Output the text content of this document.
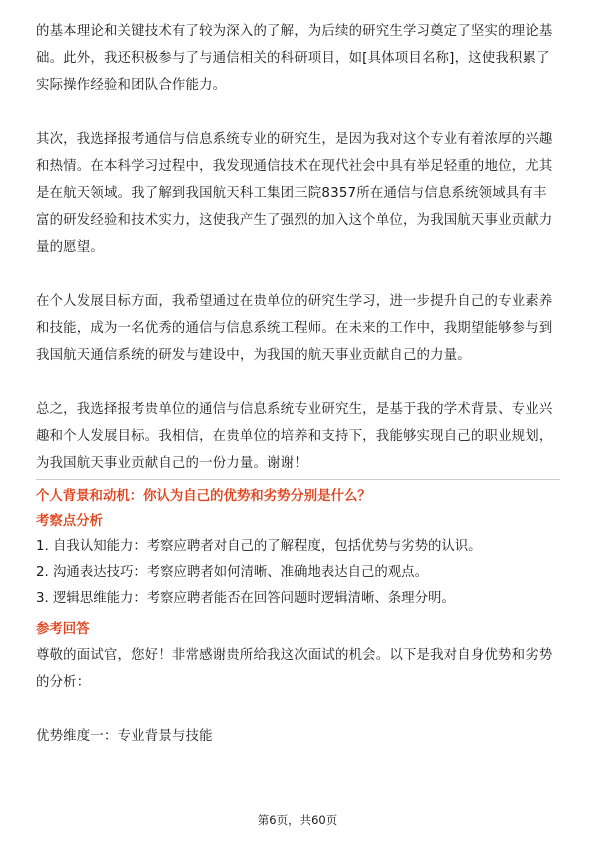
的基本理论和关键技术有了较为深入的了解，为后续的研究生学习奠定了坚实的理论基础。此外，我还积极参与了与通信相关的科研项目，如[具体项目名称]，这使我积累了实际操作经验和团队合作能力。

其次，我选择报考通信与信息系统专业的研究生，是因为我对这个专业有着浓厚的兴趣和热情。在本科学习过程中，我发现通信技术在现代社会中具有举足轻重的地位，尤其是在航天领域。我了解到我国航天科工集团三院8357所在通信与信息系统领域具有丰富的研发经验和技术实力，这使我产生了强烈的加入这个单位，为我国航天事业贡献力量的愿望。

在个人发展目标方面，我希望通过在贵单位的研究生学习，进一步提升自己的专业素养和技能，成为一名优秀的通信与信息系统工程师。在未来的工作中，我期望能够参与到我国航天通信系统的研发与建设中，为我国的航天事业贡献自己的力量。

总之，我选择报考贵单位的通信与信息系统专业研究生，是基于我的学术背景、专业兴趣和个人发展目标。我相信，在贵单位的培养和支持下，我能够实现自己的职业规划，为我国航天事业贡献自己的一份力量。谢谢！

个人背景和动机：你认为自己的优势和劣势分别是什么？

考察点分析

1. 自我认知能力：考察应聘者对自己的了解程度，包括优势与劣势的认识。

2. 沟通表达技巧：考察应聘者如何清晰、准确地表达自己的观点。

3. 逻辑思维能力：考察应聘者能否在回答问题时逻辑清晰、条理分明。

参考回答

尊敬的面试官，您好！非常感谢贵所给我这次面试的机会。以下是我对自身优势和劣势的分析：

优势维度一：专业背景与技能

第6页，共60页
